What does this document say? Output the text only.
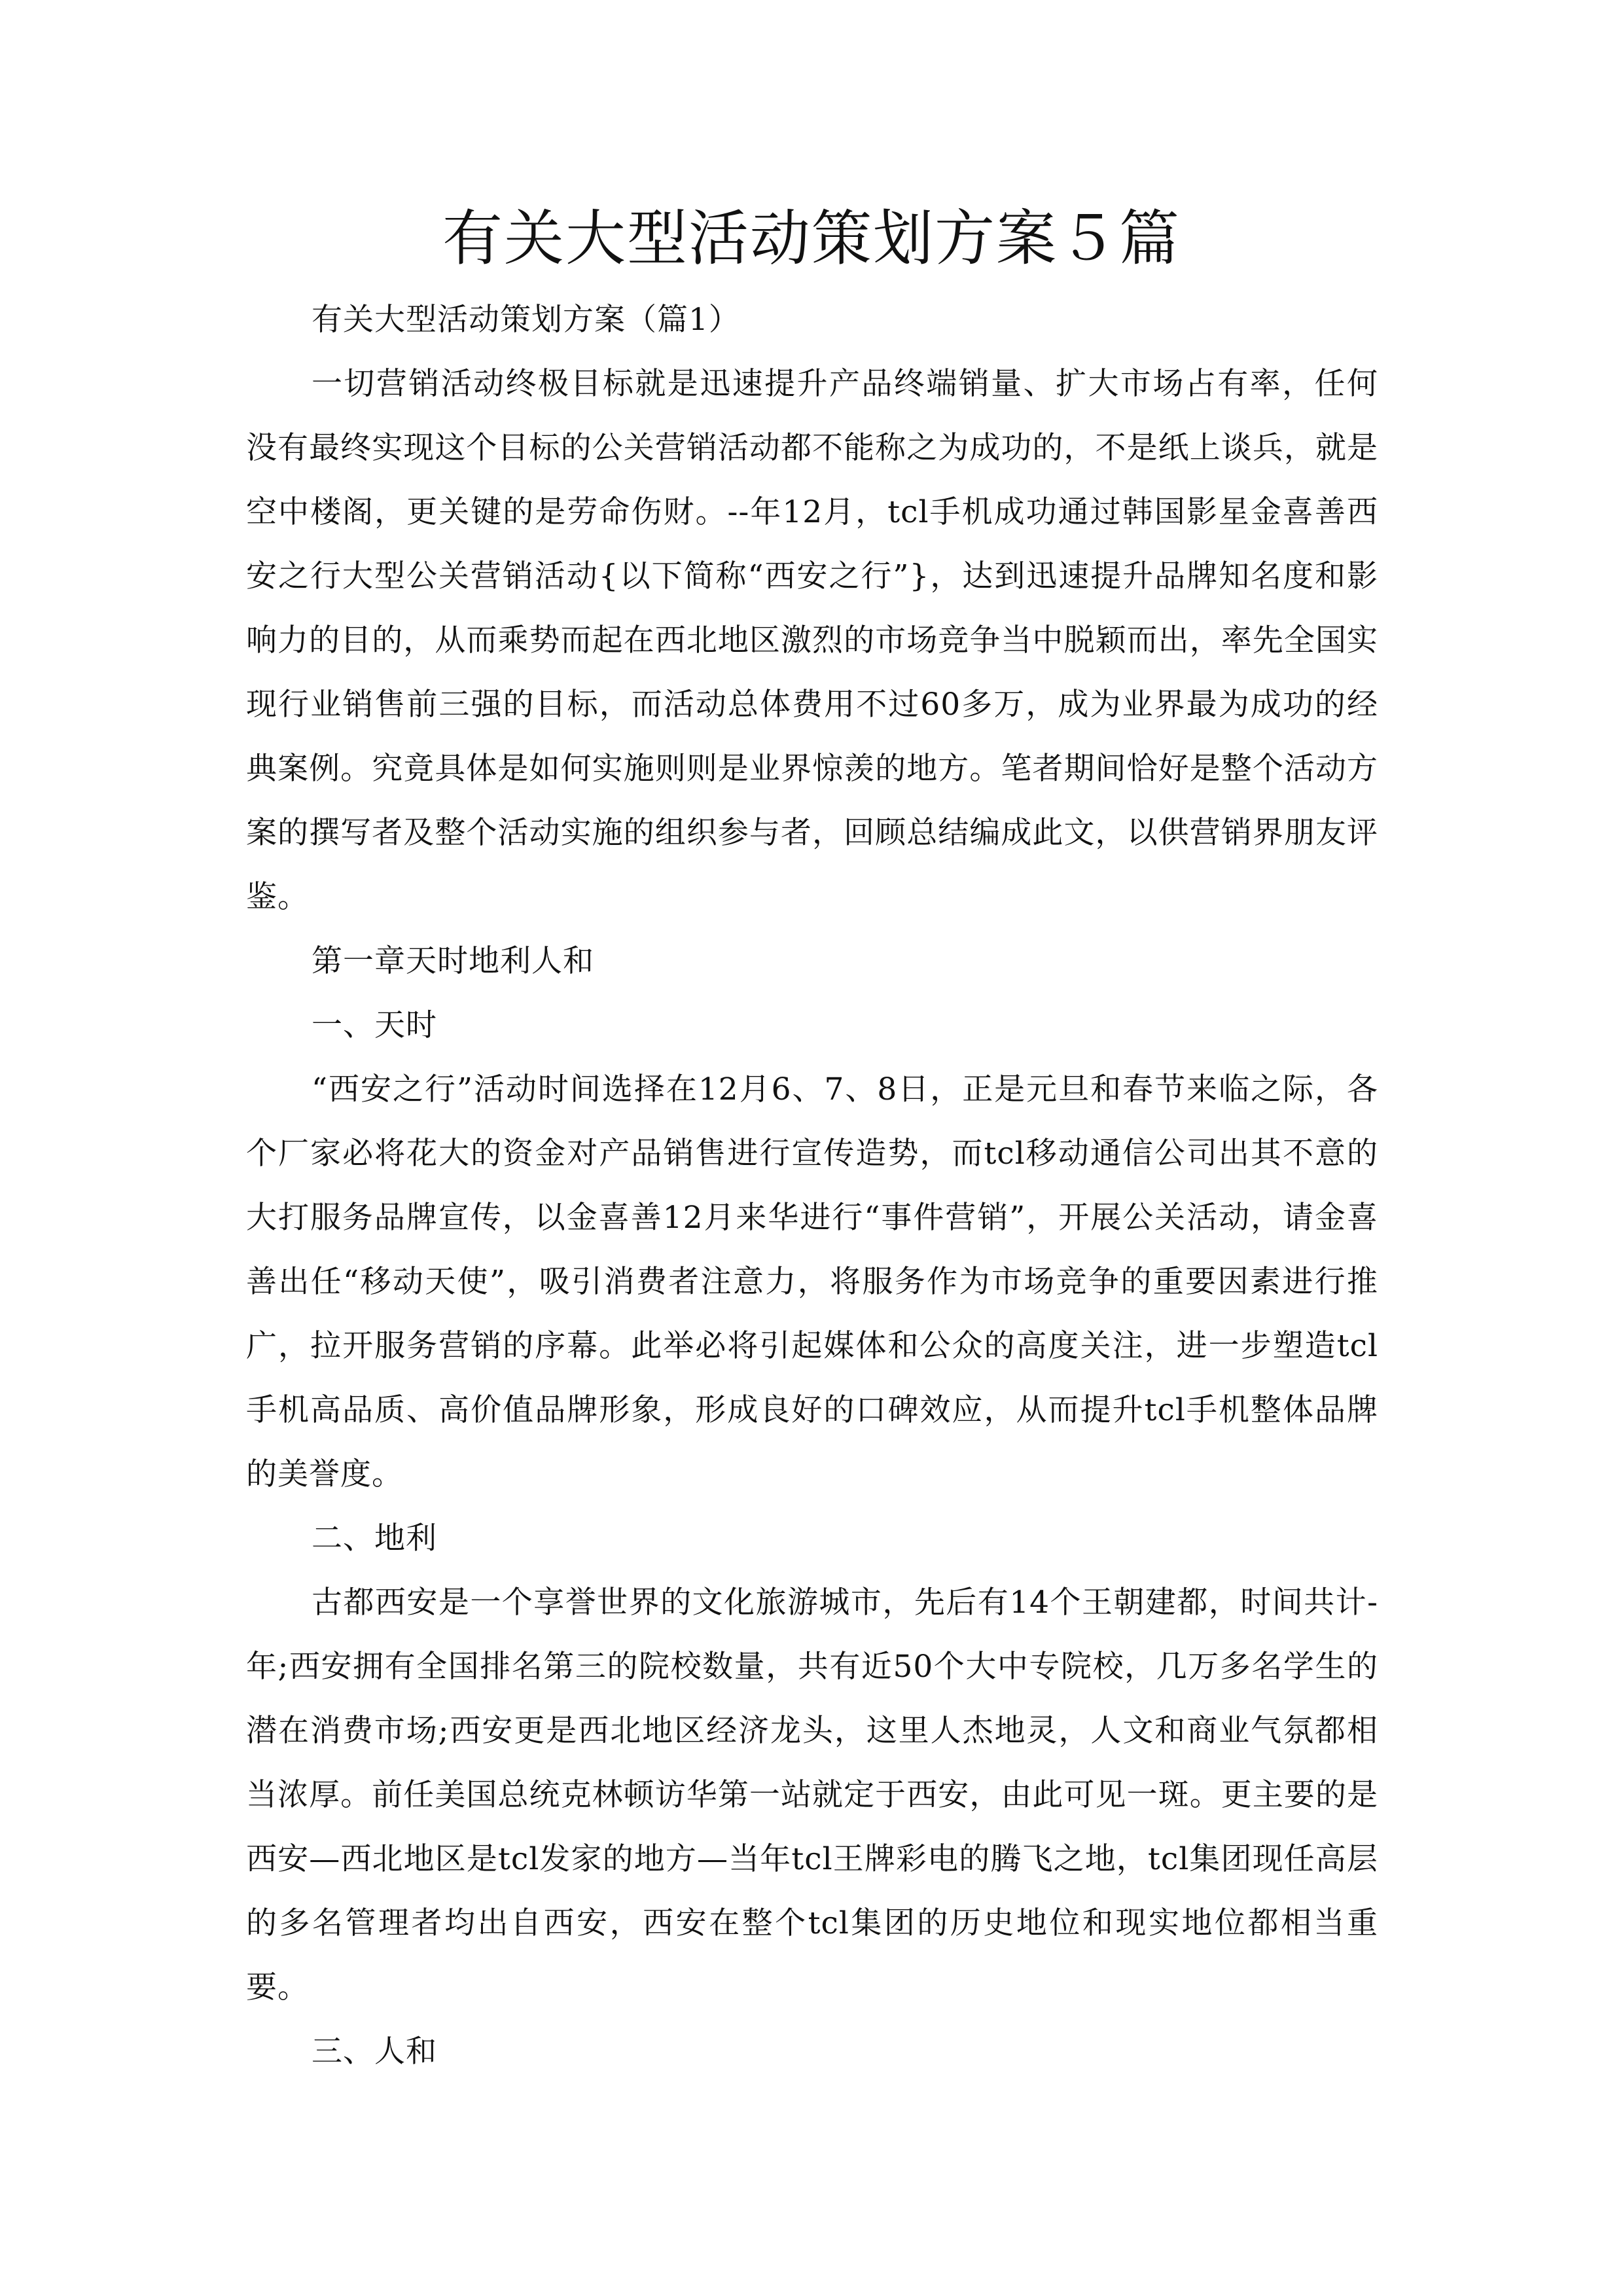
有关大型活动策划方案５篇

有关大型活动策划方案（篇1）

一切营销活动终极目标就是迅速提升产品终端销量、扩大市场占有率，任何没有最终实现这个目标的公关营销活动都不能称之为成功的，不是纸上谈兵，就是空中楼阁，更关键的是劳命伤财。--年12月，tcl手机成功通过韩国影星金喜善西安之行大型公关营销活动{以下简称“西安之行”}，达到迅速提升品牌知名度和影响力的目的，从而乘势而起在西北地区激烈的市场竞争当中脱颖而出，率先全国实现行业销售前三强的目标，而活动总体费用不过60多万，成为业界最为成功的经典案例。究竟具体是如何实施则则是业界惊羡的地方。笔者期间恰好是整个活动方案的撰写者及整个活动实施的组织参与者，回顾总结编成此文，以供营销界朋友评鉴。

第一章天时地利人和

一、天时

“西安之行”活动时间选择在12月6、7、8日，正是元旦和春节来临之际，各个厂家必将花大的资金对产品销售进行宣传造势，而tcl移动通信公司出其不意的大打服务品牌宣传，以金喜善12月来华进行“事件营销”，开展公关活动，请金喜善出任“移动天使”，吸引消费者注意力，将服务作为市场竞争的重要因素进行推广，拉开服务营销的序幕。此举必将引起媒体和公众的高度关注，进一步塑造tcl手机高品质、高价值品牌形象，形成良好的口碑效应，从而提升tcl手机整体品牌的美誉度。

二、地利

古都西安是一个享誉世界的文化旅游城市，先后有14个王朝建都，时间共计-年;西安拥有全国排名第三的院校数量，共有近50个大中专院校，几万多名学生的潜在消费市场;西安更是西北地区经济龙头，这里人杰地灵，人文和商业气氛都相当浓厚。前任美国总统克林顿访华第一站就定于西安，由此可见一斑。更主要的是西安—西北地区是tcl发家的地方—当年tcl王牌彩电的腾飞之地，tcl集团现任高层的多名管理者均出自西安，西安在整个tcl集团的历史地位和现实地位都相当重要。

三、人和
